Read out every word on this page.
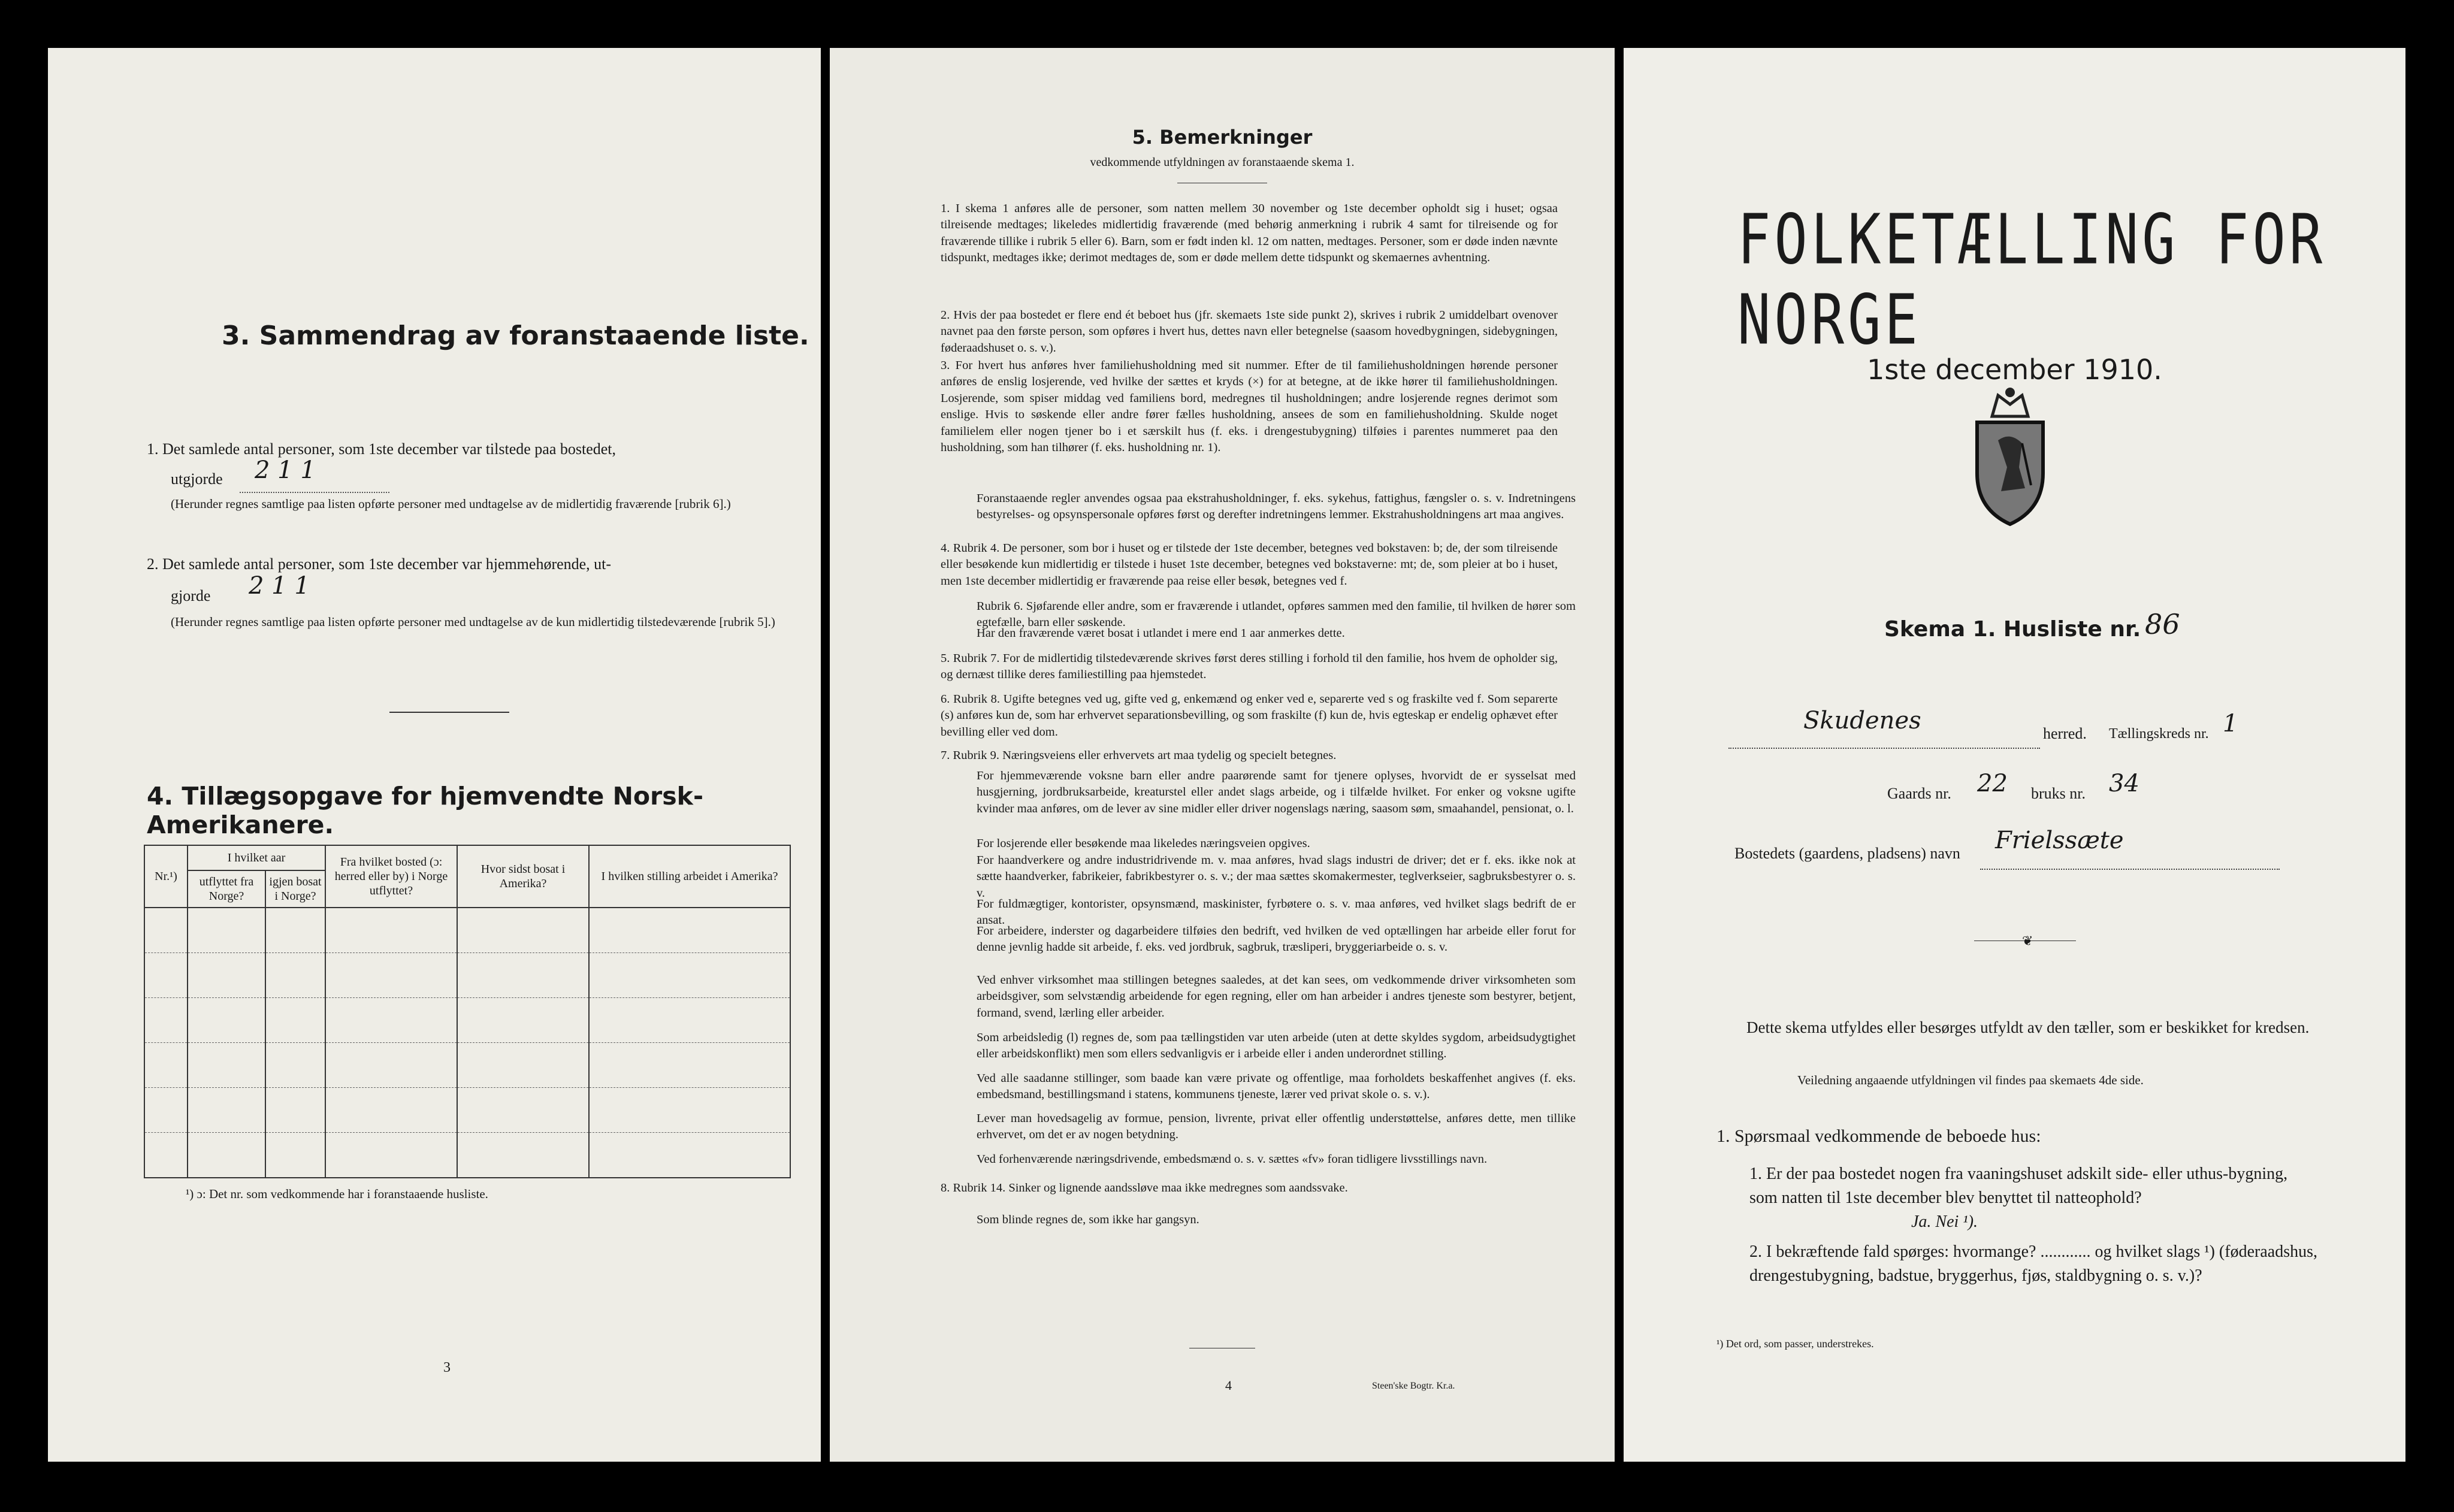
3. Sammendrag av foranstaaende liste.
1. Det samlede antal personer, som 1ste december var tilstede paa bostedet,
utgjorde 2 1 1
(Herunder regnes samtlige paa listen opførte personer med undtagelse av de midlertidig fraværende [rubrik 6].)
2. Det samlede antal personer, som 1ste december var hjemmehørende, ut-
gjorde 2 1 1
(Herunder regnes samtlige paa listen opførte personer med undtagelse av de kun midlertidig tilstedeværende [rubrik 5].)
4. Tillægsopgave for hjemvendte Norsk-Amerikanere.
Nr.¹)	I hvilket aar		Fra hvilket bosted (ɔ: herred eller by) i Norge utflyttet?	Hvor sidst bosat i Amerika?	I hvilken stilling arbeidet i Amerika?
	utflyttet fra Norge?	igjen bosat i Norge?			

¹) ɔ: Det nr. som vedkommende har i foranstaaende husliste.
3
5. Bemerkninger
vedkommende utfyldningen av foranstaaende skema 1.
1. I skema 1 anføres alle de personer, som natten mellem 30 november og 1ste december opholdt sig i huset; ogsaa tilreisende medtages; likeledes midlertidig fraværende (med behørig anmerkning i rubrik 4 samt for tilreisende og for fraværende tillike i rubrik 5 eller 6). Barn, som er født inden kl. 12 om natten, medtages. Personer, som er døde inden nævnte tidspunkt, medtages ikke; derimot medtages de, som er døde mellem dette tidspunkt og skemaernes avhentning.
2. Hvis der paa bostedet er flere end ét beboet hus (jfr. skemaets 1ste side punkt 2), skrives i rubrik 2 umiddelbart ovenover navnet paa den første person, som opføres i hvert hus, dettes navn eller betegnelse (saasom hovedbygningen, sidebygningen, føderaadshuset o. s. v.).
3. For hvert hus anføres hver familiehusholdning med sit nummer. Efter de til familiehusholdningen hørende personer anføres de enslig losjerende, ved hvilke der sættes et kryds (×) for at betegne, at de ikke hører til familiehusholdningen. Losjerende, som spiser middag ved familiens bord, medregnes til husholdningen; andre losjerende regnes derimot som enslige. Hvis to søskende eller andre fører fælles husholdning, ansees de som en familiehusholdning. Skulde noget familielem eller nogen tjener bo i et særskilt hus (f. eks. i drengestubygning) tilføies i parentes nummeret paa den husholdning, som han tilhører (f. eks. husholdning nr. 1).
Foranstaaende regler anvendes ogsaa paa ekstrahusholdninger, f. eks. sykehus, fattighus, fængsler o. s. v. Indretningens bestyrelses- og opsynspersonale opføres først og derefter indretningens lemmer. Ekstrahusholdningens art maa angives.
4. Rubrik 4. De personer, som bor i huset og er tilstede der 1ste december, betegnes ved bokstaven: b; de, der som tilreisende eller besøkende kun midlertidig er tilstede i huset 1ste december, betegnes ved bokstaverne: mt; de, som pleier at bo i huset, men 1ste december midlertidig er fraværende paa reise eller besøk, betegnes ved f.
Rubrik 6. Sjøfarende eller andre, som er fraværende i utlandet, opføres sammen med den familie, til hvilken de hører som egtefælle, barn eller søskende.
Har den fraværende været bosat i utlandet i mere end 1 aar anmerkes dette.
5. Rubrik 7. For de midlertidig tilstedeværende skrives først deres stilling i forhold til den familie, hos hvem de opholder sig, og dernæst tillike deres familiestilling paa hjemstedet.
6. Rubrik 8. Ugifte betegnes ved ug, gifte ved g, enkemænd og enker ved e, separerte ved s og fraskilte ved f. Som separerte (s) anføres kun de, som har erhvervet separationsbevilling, og som fraskilte (f) kun de, hvis egteskap er endelig ophævet efter bevilling eller ved dom.
7. Rubrik 9. Næringsveiens eller erhvervets art maa tydelig og specielt betegnes.
For hjemmeværende voksne barn eller andre paarørende samt for tjenere oplyses, hvorvidt de er sysselsat med husgjerning, jordbruksarbeide, kreaturstel eller andet slags arbeide, og i tilfælde hvilket. For enker og voksne ugifte kvinder maa anføres, om de lever av sine midler eller driver nogenslags næring, saasom søm, smaahandel, pensionat, o. l.
For losjerende eller besøkende maa likeledes næringsveien opgives.
For haandverkere og andre industridrivende m. v. maa anføres, hvad slags industri de driver; det er f. eks. ikke nok at sætte haandverker, fabrikeier, fabrikbestyrer o. s. v.; der maa sættes skomakermester, teglverkseier, sagbruksbestyrer o. s. v.
For fuldmægtiger, kontorister, opsynsmænd, maskinister, fyrbøtere o. s. v. maa anføres, ved hvilket slags bedrift de er ansat.
For arbeidere, inderster og dagarbeidere tilføies den bedrift, ved hvilken de ved optællingen har arbeide eller forut for denne jevnlig hadde sit arbeide, f. eks. ved jordbruk, sagbruk, træsliperi, bryggeriarbeide o. s. v.
Ved enhver virksomhet maa stillingen betegnes saaledes, at det kan sees, om vedkommende driver virksomheten som arbeidsgiver, som selvstændig arbeidende for egen regning, eller om han arbeider i andres tjeneste som bestyrer, betjent, formand, svend, lærling eller arbeider.
Som arbeidsledig (l) regnes de, som paa tællingstiden var uten arbeide (uten at dette skyldes sygdom, arbeidsudygtighet eller arbeidskonflikt) men som ellers sedvanligvis er i arbeide eller i anden underordnet stilling.
Ved alle saadanne stillinger, som baade kan være private og offentlige, maa forholdets beskaffenhet angives (f. eks. embedsmand, bestillingsmand i statens, kommunens tjeneste, lærer ved privat skole o. s. v.).
Lever man hovedsagelig av formue, pension, livrente, privat eller offentlig understøttelse, anføres dette, men tillike erhvervet, om det er av nogen betydning.
Ved forhenværende næringsdrivende, embedsmænd o. s. v. sættes «fv» foran tidligere livsstillings navn.
8. Rubrik 14. Sinker og lignende aandssløve maa ikke medregnes som aandssvake.
Som blinde regnes de, som ikke har gangsyn.
4	Steen'ske Bogtr. Kr.a.
FOLKETÆLLING FOR NORGE
1ste december 1910.
Skema 1. Husliste nr. 86
Skudenes	herred. Tællingskreds nr. 1
Gaards nr. 22 bruks nr. 34
Bostedets (gaardens, pladsens) navn Frielssæte
❦
Dette skema utfyldes eller besørges utfyldt av den tæller, som er beskikket for kredsen.
Veiledning angaaende utfyldningen vil findes paa skemaets 4de side.
1. Spørsmaal vedkommende de beboede hus:
1. Er der paa bostedet nogen fra vaaningshuset adskilt side- eller uthus-bygning, som natten til 1ste december blev benyttet til natteophold?
Ja. Nei ¹).
2. I bekræftende fald spørges: hvormange? ............ og hvilket slags ¹) (føderaadshus, drengestubygning, badstue, bryggerhus, fjøs, staldbygning o. s. v.)?
¹) Det ord, som passer, understrekes.
